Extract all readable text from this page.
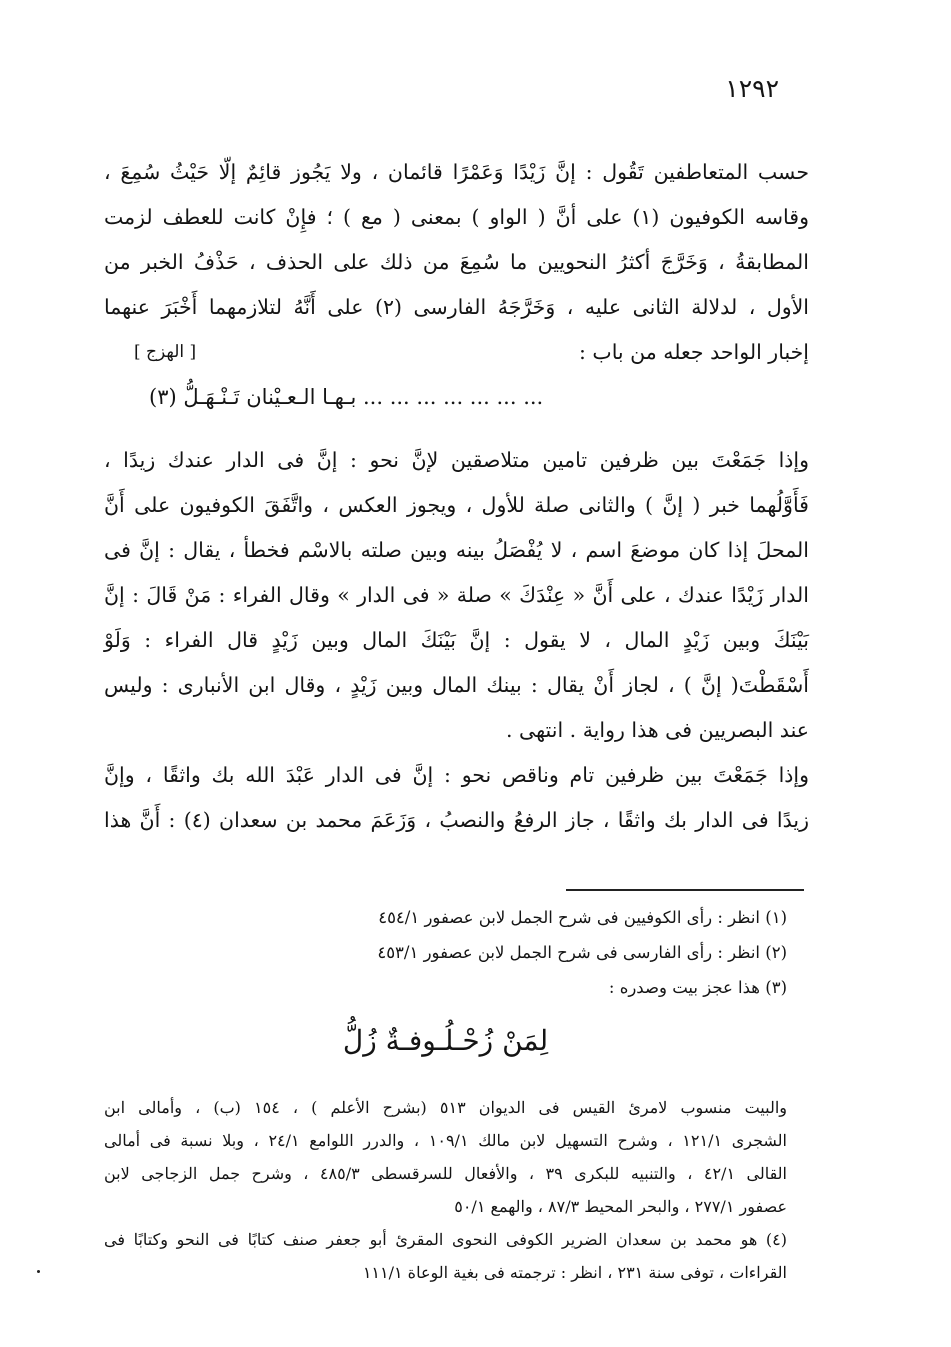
١٢٩٢
حسب المتعاطفين تَقُول : إنَّ زَيْدًا وَعَمْرًا قائمان ، ولا يَجُوز قائِمٌ إلّا حَيْثُ سُمِعَ ،
وقاسه الكوفيون (١) على أنَّ ( الواو ) بمعنى ( مع ) ؛ فإِنْ كانت للعطف لزمت
المطابقةُ ، وَخَرَّجَ أكثرُ النحويين ما سُمِعَ من ذلك على الحذف ، حَذْفُ الخبر من
الأول ، لدلالة الثانى عليه ، وَخَرَّجَهُ الفارسى (٢) على أَنَّهُ لتلازمهما أَخْبَرَ عنهما
إخبار الواحد جعله من باب :
[ الهزج ]
... ... ... ... ... ... ... بـهـا الـعـيْنان تَـنْـهَـلُّ (٣)
وإذا جَمَعْتَ بين ظرفين تامين متلاصقين لإنَّ نحو : إنَّ فى الدار عندك زيدًا ،
فَأَوَّلُهما خبر ( إنَّ ) والثانى صلة للأول ، ويجوز العكس ، واتَّفَقَ الكوفيون على أَنَّ
المحلَ إذا كان موضعَ اسم ، لا يُفْصَلُ بينه وبين صلته بالاسْم فخطأ ، يقال : إنَّ فى
الدار زَيْدًا عندك ، على أَنَّ « عِنْدَكَ » صلة « فى الدار » وقال الفراء : مَنْ قَالَ : إنَّ
بَيْنَكَ وبين زَيْدٍ المال ، لا يقول : إنَّ بَيْنَكَ المال وبين زَيْدٍ قال الفراء : وَلَوْ
أَسْقَطْتَ( إنَّ ) ، لجاز أَنْ يقال : بينك المال وبين زَيْدٍ ، وقال ابن الأنبارى : وليس
عند البصريين فى هذا رواية . انتهى .
وإذا جَمَعْتَ بين ظرفين تام وناقص نحو : إنَّ فى الدار عَبْدَ الله بك واثقًا ، وإنَّ
زيدًا فى الدار بك واثقًا ، جاز الرفعُ والنصبُ ، وَزَعَمَ محمد بن سعدان (٤) : أَنَّ هذا
(١) انظر : رأى الكوفيين فى شرح الجمل لابن عصفور ٤٥٤/١
(٢) انظر : رأى الفارسى فى شرح الجمل لابن عصفور ٤٥٣/١
(٣) هذا عجز بيت وصدره :
لِمَنْ زُحْـلُـوفـةٌ زُلُّ
والبيت منسوب لامرئ القيس فى الديوان ٥١٣ (بشرح الأعلم ) ، ١٥٤ (ب) ، وأمالى ابن
الشجرى ١٢١/١ ، وشرح التسهيل لابن مالك ١٠٩/١ ، والدرر اللوامع ٢٤/١ ، وبلا نسبة فى أمالى
القالى ٤٢/١ ، والتنبيه للبكرى ٣٩ ، والأفعال للسرقسطى ٤٨٥/٣ ، وشرح جمل الزجاجى لابن
عصفور ٢٧٧/١ ، والبحر المحيط ٨٧/٣ ، والهمع ٥٠/١
(٤) هو محمد بن سعدان الضرير الكوفى النحوى المقرئ أبو جعفر صنف كتابًا فى النحو وكتابًا فى
القراءات ، توفى سنة ٢٣١ ، انظر : ترجمته فى بغية الوعاة ١١١/١
